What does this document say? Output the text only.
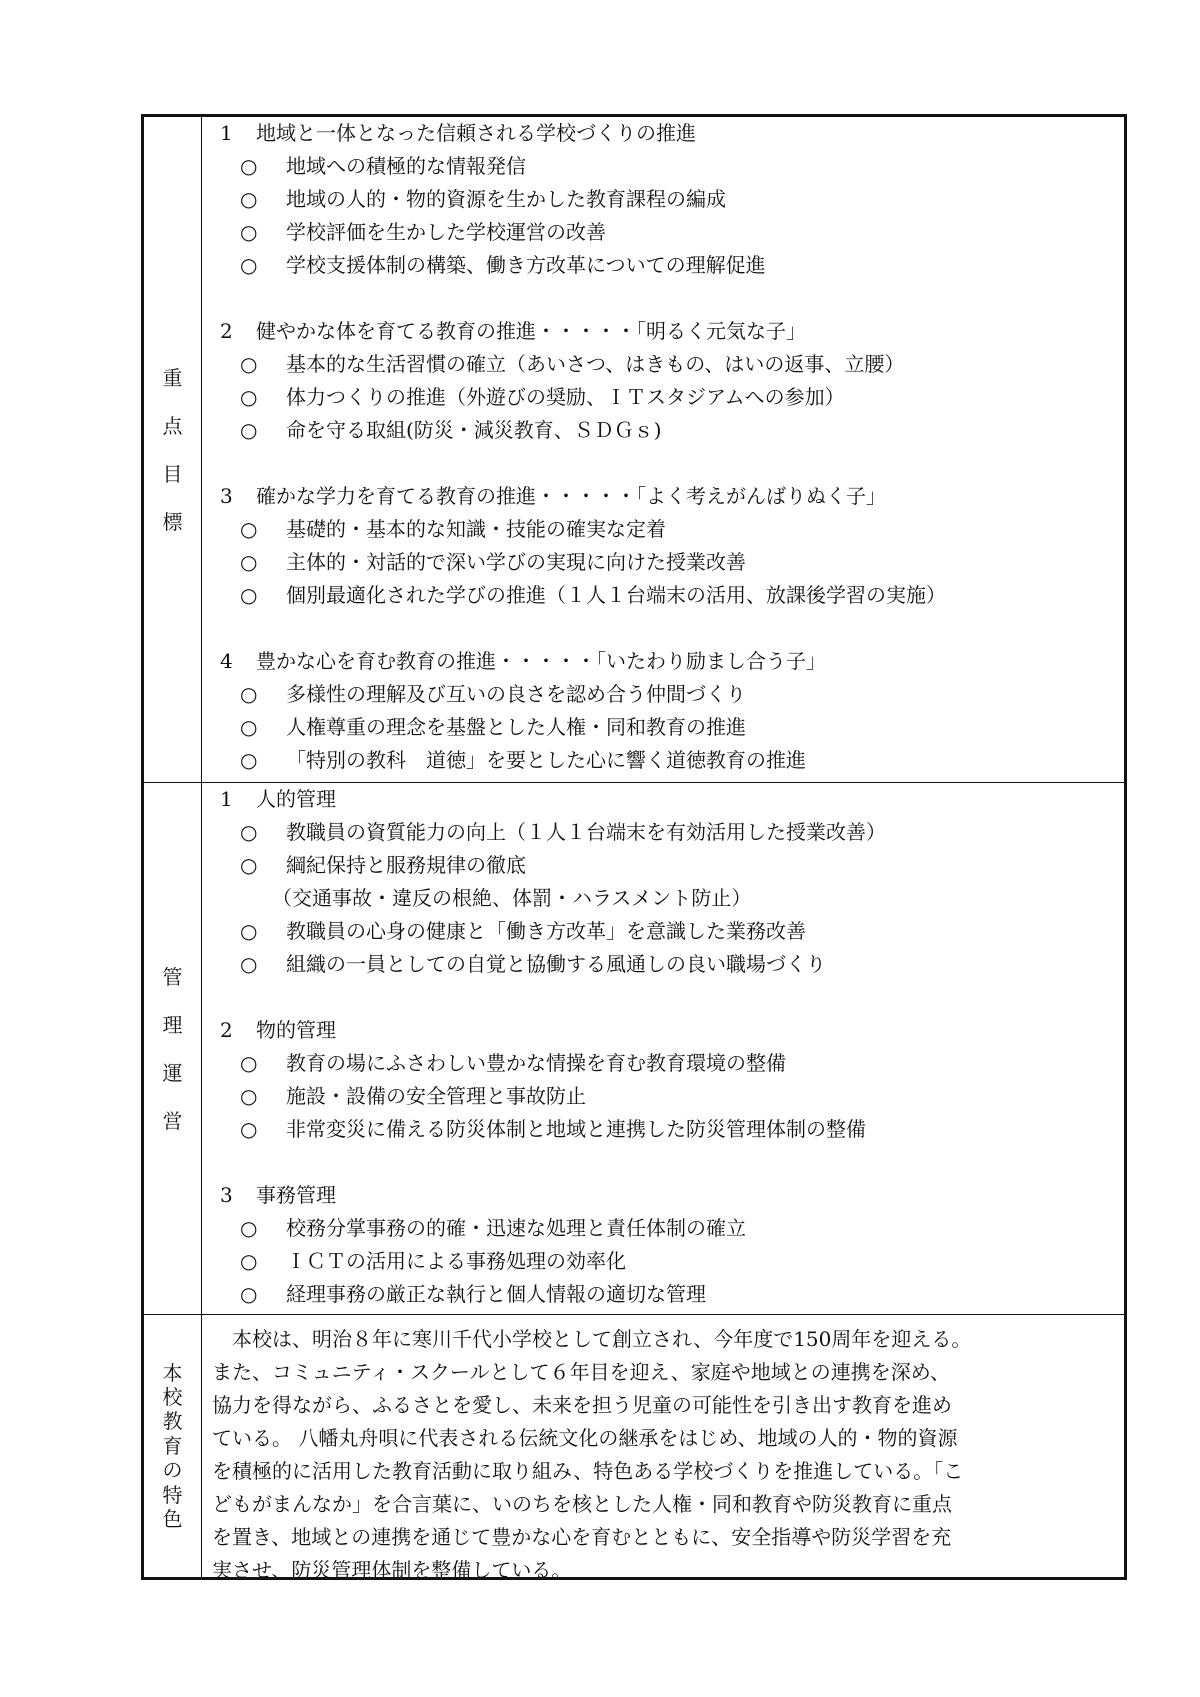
重
点
目
標
1 地域と一体となった信頼される学校づくりの推進
○ 地域への積極的な情報発信
○ 地域の人的・物的資源を生かした教育課程の編成
○ 学校評価を生かした学校運営の改善
○ 学校支援体制の構築、働き方改革についての理解促進
2 健やかな体を育てる教育の推進・・・・・「明るく元気な子」
○ 基本的な生活習慣の確立（あいさつ、はきもの、はいの返事、立腰）
○ 体力つくりの推進（外遊びの奨励、ＩＴスタジアムへの参加）
○ 命を守る取組(防災・減災教育、ＳＤＧｓ)
3 確かな学力を育てる教育の推進・・・・・「よく考えがんばりぬく子」
○ 基礎的・基本的な知識・技能の確実な定着
○ 主体的・対話的で深い学びの実現に向けた授業改善
○ 個別最適化された学びの推進（１人１台端末の活用、放課後学習の実施）
4 豊かな心を育む教育の推進・・・・・「いたわり励まし合う子」
○ 多様性の理解及び互いの良さを認め合う仲間づくり
○ 人権尊重の理念を基盤とした人権・同和教育の推進
○ 「特別の教科　道徳」を要とした心に響く道徳教育の推進
管
理
運
営
1 人的管理
○ 教職員の資質能力の向上（１人１台端末を有効活用した授業改善）
○ 綱紀保持と服務規律の徹底
（交通事故・違反の根絶、体罰・ハラスメント防止）
○ 教職員の心身の健康と「働き方改革」を意識した業務改善
○ 組織の一員としての自覚と協働する風通しの良い職場づくり
2 物的管理
○ 教育の場にふさわしい豊かな情操を育む教育環境の整備
○ 施設・設備の安全管理と事故防止
○ 非常変災に備える防災体制と地域と連携した防災管理体制の整備
3 事務管理
○ 校務分掌事務の的確・迅速な処理と責任体制の確立
○ ＩＣＴの活用による事務処理の効率化
○ 経理事務の厳正な執行と個人情報の適切な管理
本
校
教
育
の
特
色
　本校は、明治８年に寒川千代小学校として創立され、今年度で150周年を迎える。
また、コミュニティ・スクールとして６年目を迎え、家庭や地域との連携を深め、
協力を得ながら、ふるさとを愛し、未来を担う児童の可能性を引き出す教育を進め
ている。 八幡丸舟唄に代表される伝統文化の継承をはじめ、地域の人的・物的資源
を積極的に活用した教育活動に取り組み、特色ある学校づくりを推進している。「こ
どもがまんなか」を合言葉に、いのちを核とした人権・同和教育や防災教育に重点
を置き、地域との連携を通じて豊かな心を育むとともに、安全指導や防災学習を充
実させ、防災管理体制を整備している。
